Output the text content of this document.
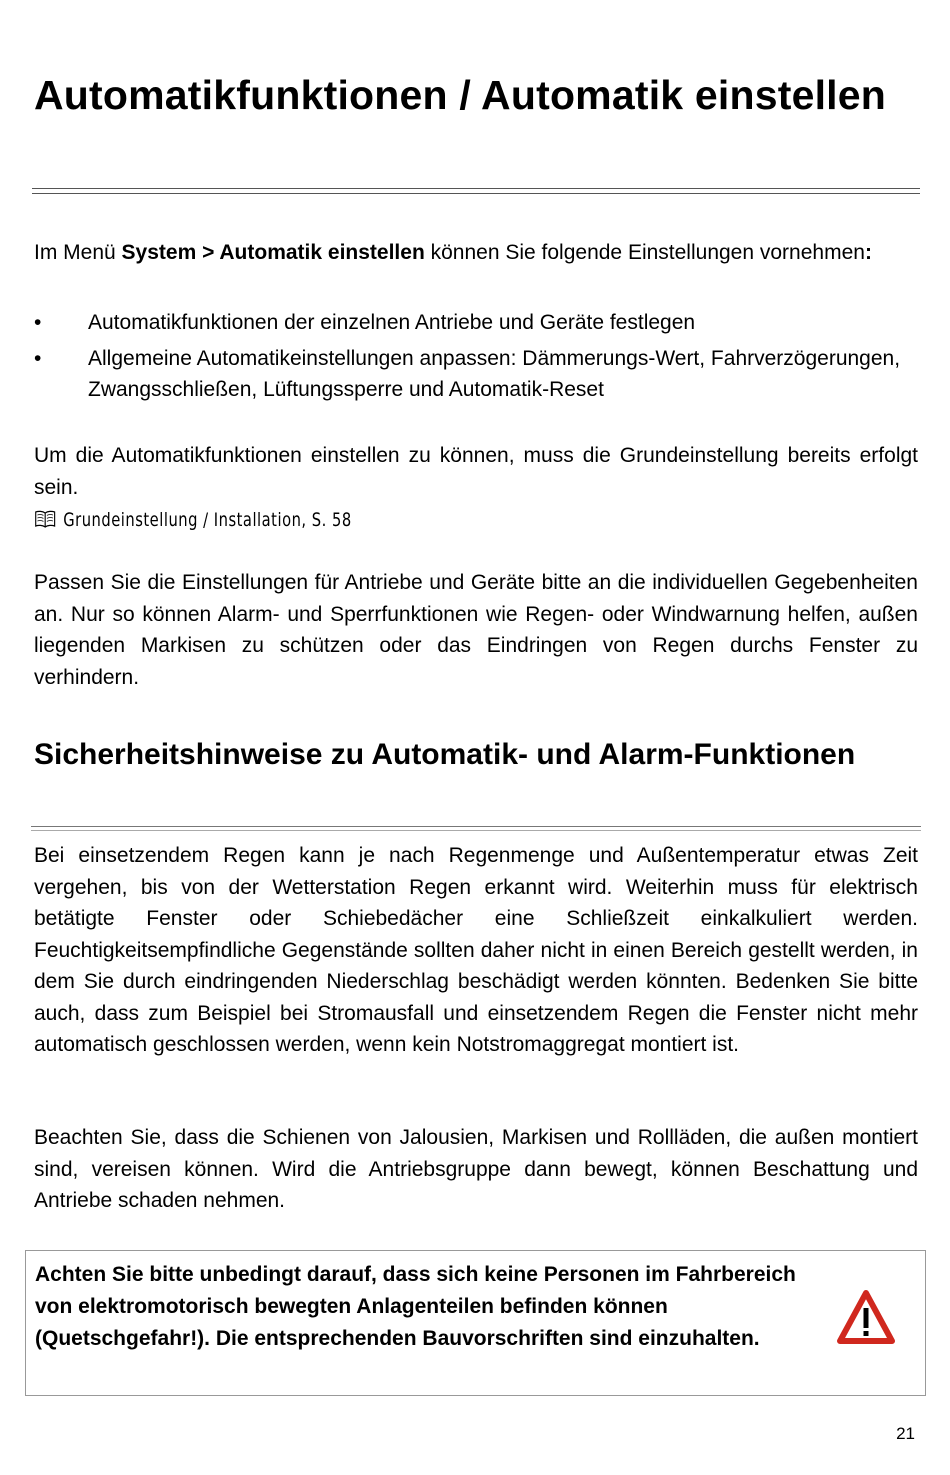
Automatikfunktionen / Automatik einstellen

Im Menü System > Automatik einstellen können Sie folgende Einstellungen vornehmen:

• Automatikfunktionen der einzelnen Antriebe und Geräte festlegen
• Allgemeine Automatikeinstellungen anpassen: Dämmerungs-Wert, Fahrverzögerungen, Zwangsschließen, Lüftungssperre und Automatik-Reset

Um die Automatikfunktionen einstellen zu können, muss die Grundeinstellung bereits erfolgt sein.

Grundeinstellung / Installation, S. 58

Passen Sie die Einstellungen für Antriebe und Geräte bitte an die individuellen Gegebenheiten an. Nur so können Alarm- und Sperrfunktionen wie Regen- oder Windwarnung helfen, außen liegenden Markisen zu schützen oder das Eindringen von Regen durchs Fenster zu verhindern.

Sicherheitshinweise zu Automatik- und Alarm-Funktionen

Bei einsetzendem Regen kann je nach Regenmenge und Außentemperatur etwas Zeit vergehen, bis von der Wetterstation Regen erkannt wird. Weiterhin muss für elektrisch betätigte Fenster oder Schiebedächer eine Schließzeit einkalkuliert werden. Feuchtigkeitsempfindliche Gegenstände sollten daher nicht in einen Bereich gestellt werden, in dem Sie durch eindringenden Niederschlag beschädigt werden könnten. Bedenken Sie bitte auch, dass zum Beispiel bei Stromausfall und einsetzendem Regen die Fenster nicht mehr automatisch geschlossen werden, wenn kein Notstromaggregat montiert ist.

Beachten Sie, dass die Schienen von Jalousien, Markisen und Rollläden, die außen montiert sind, vereisen können. Wird die Antriebsgruppe dann bewegt, können Beschattung und Antriebe schaden nehmen.

Achten Sie bitte unbedingt darauf, dass sich keine Personen im Fahrbereich von elektromotorisch bewegten Anlagenteilen befinden können (Quetschgefahr!). Die entsprechenden Bauvorschriften sind einzuhalten.
21
